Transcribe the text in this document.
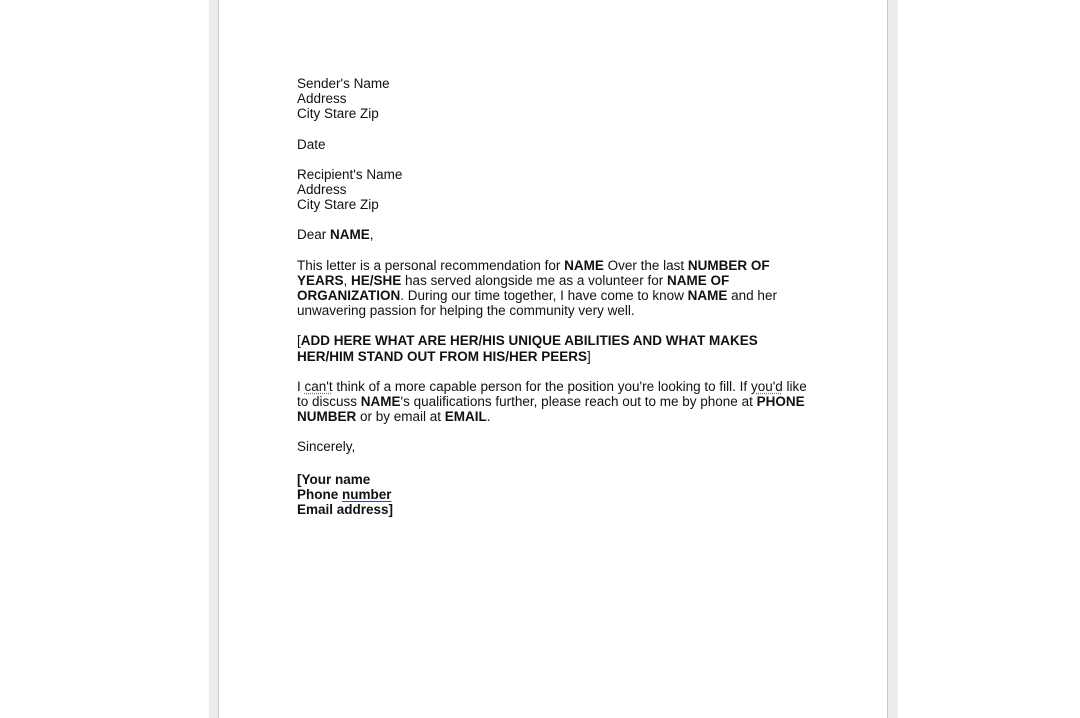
Sender's Name

Address

City Stare Zip

Date

Recipient's Name

Address

City Stare Zip

Dear NAME,

This letter is a personal recommendation for NAME Over the last NUMBER OF YEARS, HE/SHE has served alongside me as a volunteer for NAME OF ORGANIZATION. During our time together, I have come to know NAME and her unwavering passion for helping the community very well.

[ADD HERE WHAT ARE HER/HIS UNIQUE ABILITIES AND WHAT MAKES HER/HIM STAND OUT FROM HIS/HER PEERS]

I can't think of a more capable person for the position you're looking to fill. If you'd like to discuss NAME's qualifications further, please reach out to me by phone at PHONE NUMBER or by email at EMAIL.

Sincerely,

[Your name

Phone number

Email address]
